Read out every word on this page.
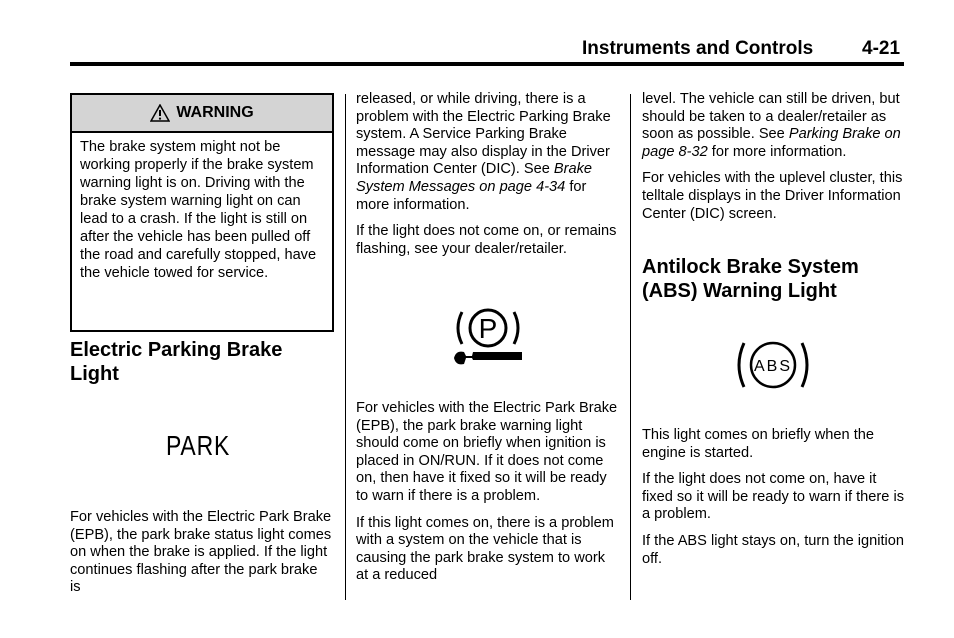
Instruments and Controls	4-21
WARNING
The brake system might not be working properly if the brake system warning light is on. Driving with the brake system warning light on can lead to a crash. If the light is still on after the vehicle has been pulled off the road and carefully stopped, have the vehicle towed for service.
Electric Parking Brake
Light
PARK

For vehicles with the Electric Park Brake (EPB), the park brake status light comes on when the brake is applied. If the light continues flashing after the park brake is

released, or while driving, there is a problem with the Electric Parking Brake system. A Service Parking Brake message may also display in the Driver Information Center (DIC). See Brake System Messages on page 4-34 for more information.

If the light does not come on, or remains flashing, see your dealer/retailer.

P

For vehicles with the Electric Park Brake (EPB), the park brake warning light should come on briefly when ignition is placed in ON/RUN. If it does not come on, then have it fixed so it will be ready to warn if there is a problem.

If this light comes on, there is a problem with a system on the vehicle that is causing the park brake system to work at a reduced

level. The vehicle can still be driven, but should be taken to a dealer/retailer as soon as possible. See Parking Brake on page 8-32 for more information.

For vehicles with the uplevel cluster, this telltale displays in the Driver Information Center (DIC) screen.

Antilock Brake System
(ABS) Warning Light
ABS

This light comes on briefly when the engine is started.

If the light does not come on, have it fixed so it will be ready to warn if there is a problem.

If the ABS light stays on, turn the ignition off.
